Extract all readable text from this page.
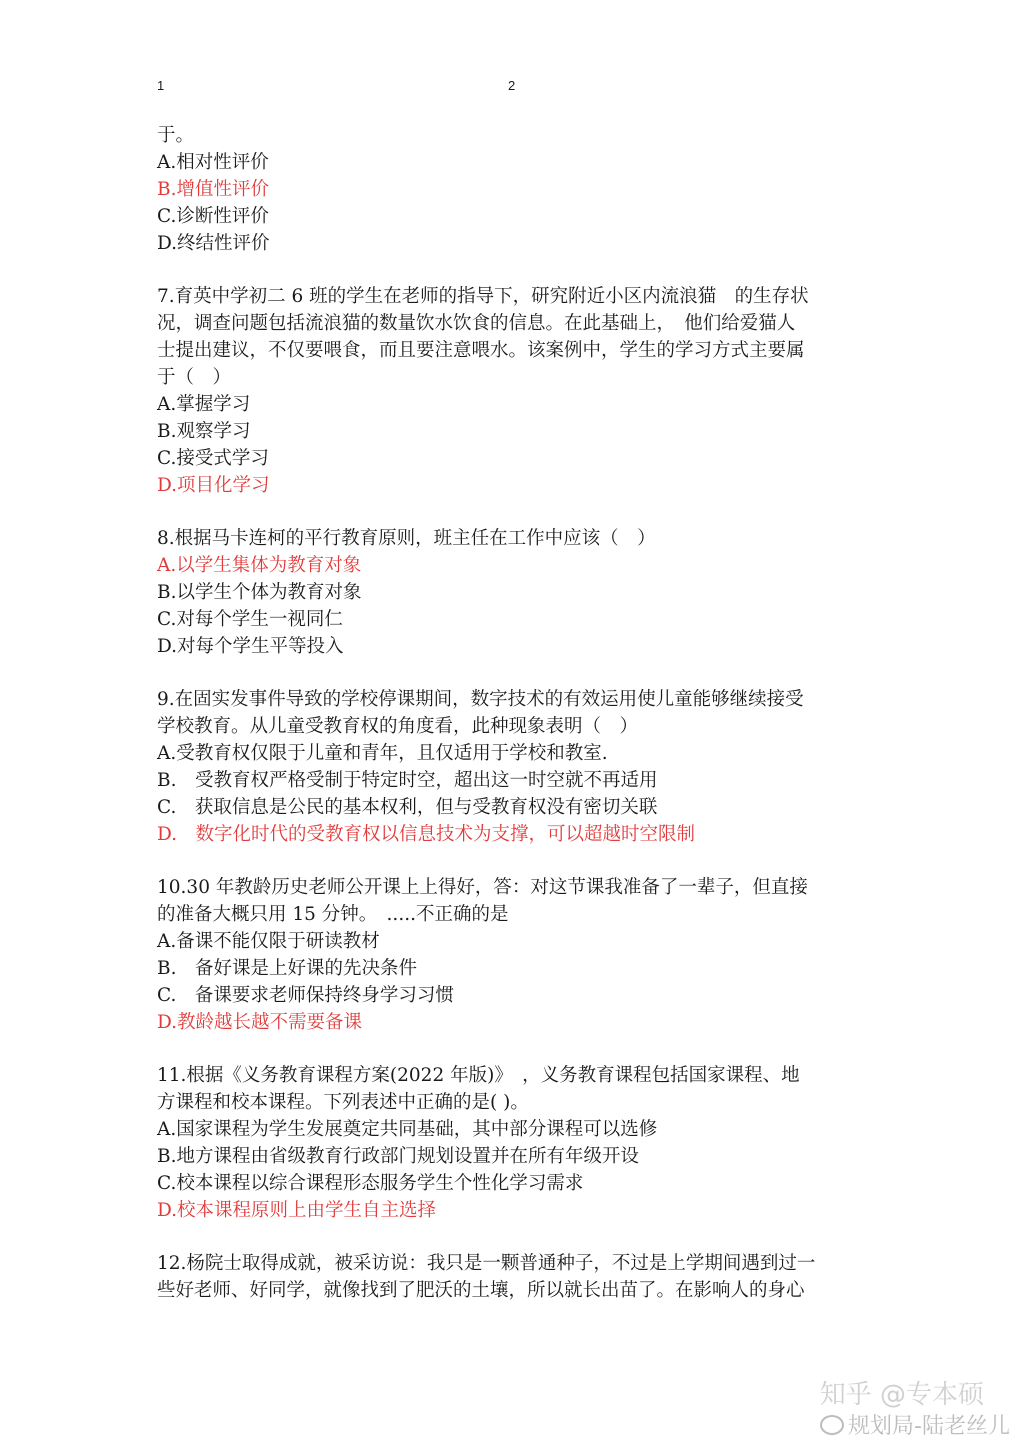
1	2
于。
A.相对性评价
B.增值性评价
C.诊断性评价
D.终结性评价
7.育英中学初二 6 班的学生在老师的指导下，研究附近小区内流浪猫　的生存状
况，调查问题包括流浪猫的数量饮水饮食的信息。在此基础上，　他们给爱猫人
士提出建议，不仅要喂食，而且要注意喂水。该案例中，学生的学习方式主要属
于（　）
A.掌握学习
B.观察学习
C.接受式学习
D.项目化学习
8.根据马卡连柯的平行教育原则，班主任在工作中应该（　）
A.以学生集体为教育对象
B.以学生个体为教育对象
C.对每个学生一视同仁
D.对每个学生平等投入
9.在固实发事件导致的学校停课期间，数字技术的有效运用使儿童能够继续接受
学校教育。从儿童受教育权的角度看，此种现象表明（　）
A.受教育权仅限于儿童和青年，且仅适用于学校和教室.
B.　受教育权严格受制于特定时空，超出这一时空就不再适用
C.　获取信息是公民的基本权利，但与受教育权没有密切关联
D.　数字化时代的受教育权以信息技术为支撑，可以超越时空限制
10.30 年教龄历史老师公开课上上得好，答：对这节课我准备了一辈子，但直接
的准备大概只用 15 分钟。　.....不正确的是
A.备课不能仅限于研读教材
B.　备好课是上好课的先决条件
C.　备课要求老师保持终身学习习惯
D.教龄越长越不需要备课
11.根据《义务教育课程方案(2022 年版)》　，义务教育课程包括国家课程、地
方课程和校本课程。下列表述中正确的是( )。
A.国家课程为学生发展奠定共同基础，其中部分课程可以选修
B.地方课程由省级教育行政部门规划设置并在所有年级开设
C.校本课程以综合课程形态服务学生个性化学习需求
D.校本课程原则上由学生自主选择
12.杨院士取得成就，被采访说：我只是一颗普通种子，不过是上学期间遇到过一
些好老师、好同学，就像找到了肥沃的土壤，所以就长出苗了。在影响人的身心
知乎 @专本硕
规划局-陆老丝儿
